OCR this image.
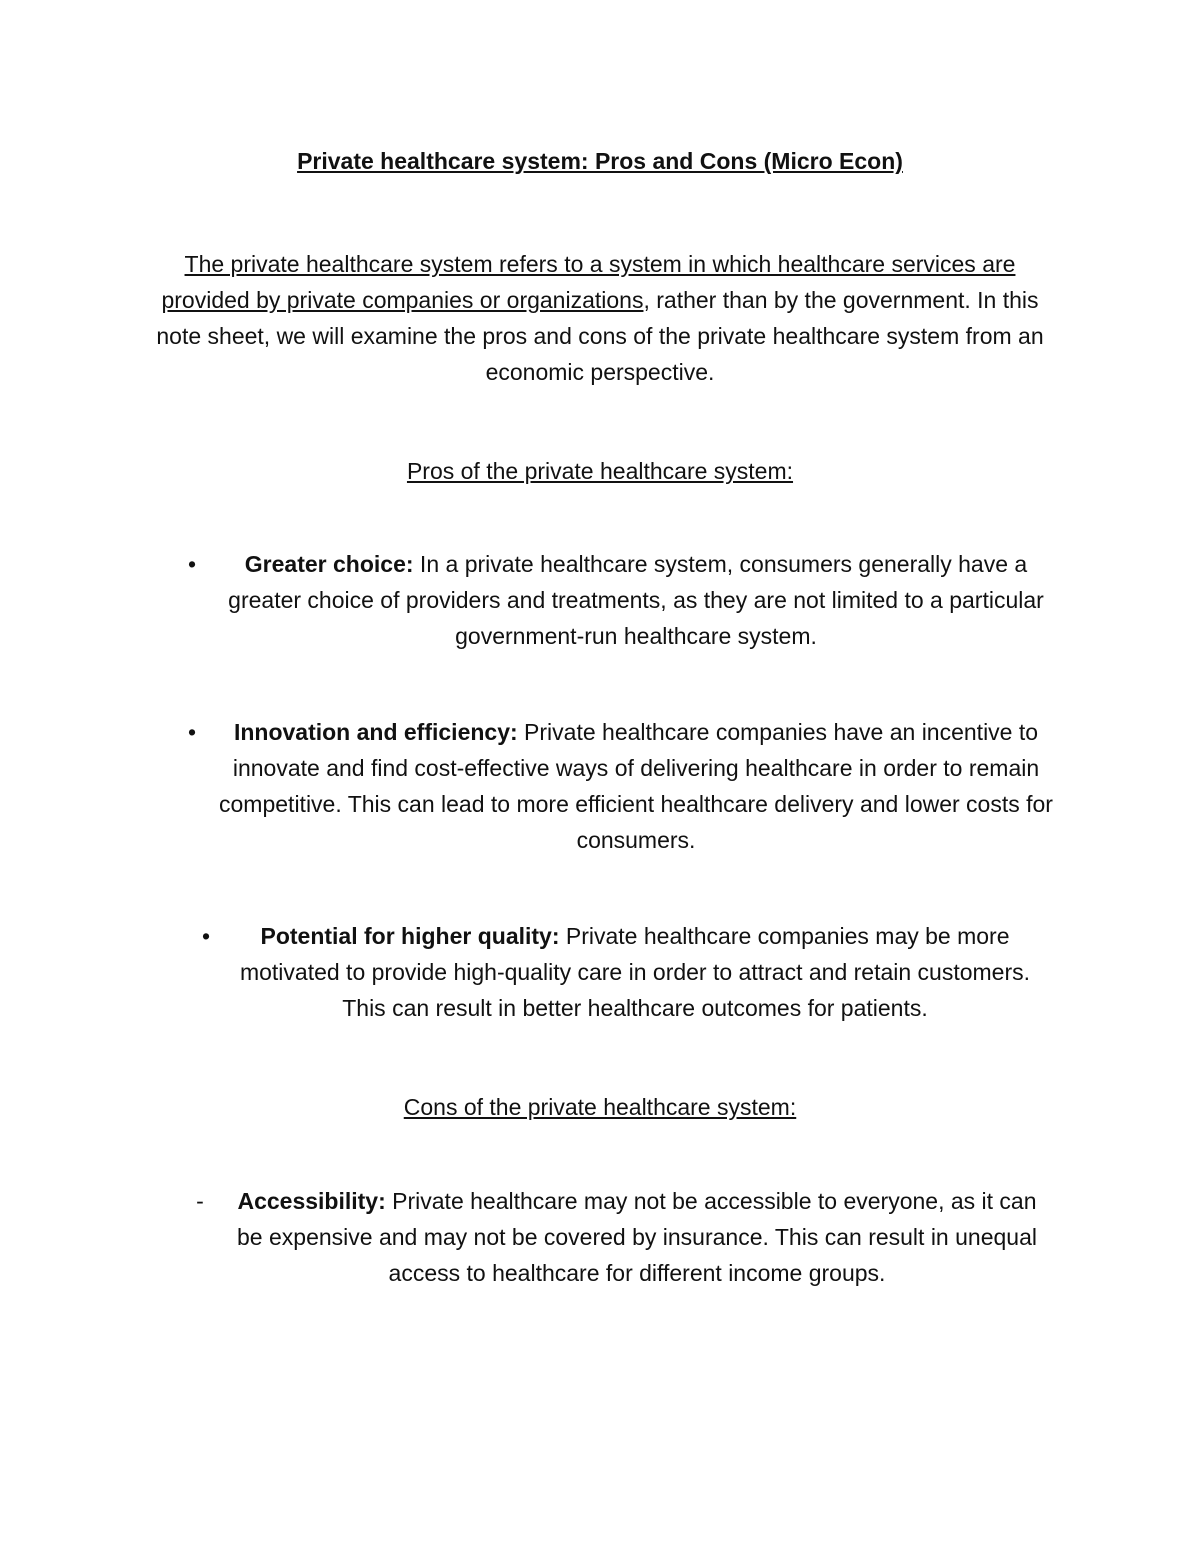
Private healthcare system: Pros and Cons (Micro Econ)
The private healthcare system refers to a system in which healthcare services are provided by private companies or organizations, rather than by the government. In this note sheet, we will examine the pros and cons of the private healthcare system from an economic perspective.
Pros of the private healthcare system:
• Greater choice: In a private healthcare system, consumers generally have a greater choice of providers and treatments, as they are not limited to a particular government-run healthcare system.
• Innovation and efficiency: Private healthcare companies have an incentive to innovate and find cost-effective ways of delivering healthcare in order to remain competitive. This can lead to more efficient healthcare delivery and lower costs for consumers.
• Potential for higher quality: Private healthcare companies may be more motivated to provide high-quality care in order to attract and retain customers. This can result in better healthcare outcomes for patients.
Cons of the private healthcare system:
- Accessibility: Private healthcare may not be accessible to everyone, as it can be expensive and may not be covered by insurance. This can result in unequal access to healthcare for different income groups.
